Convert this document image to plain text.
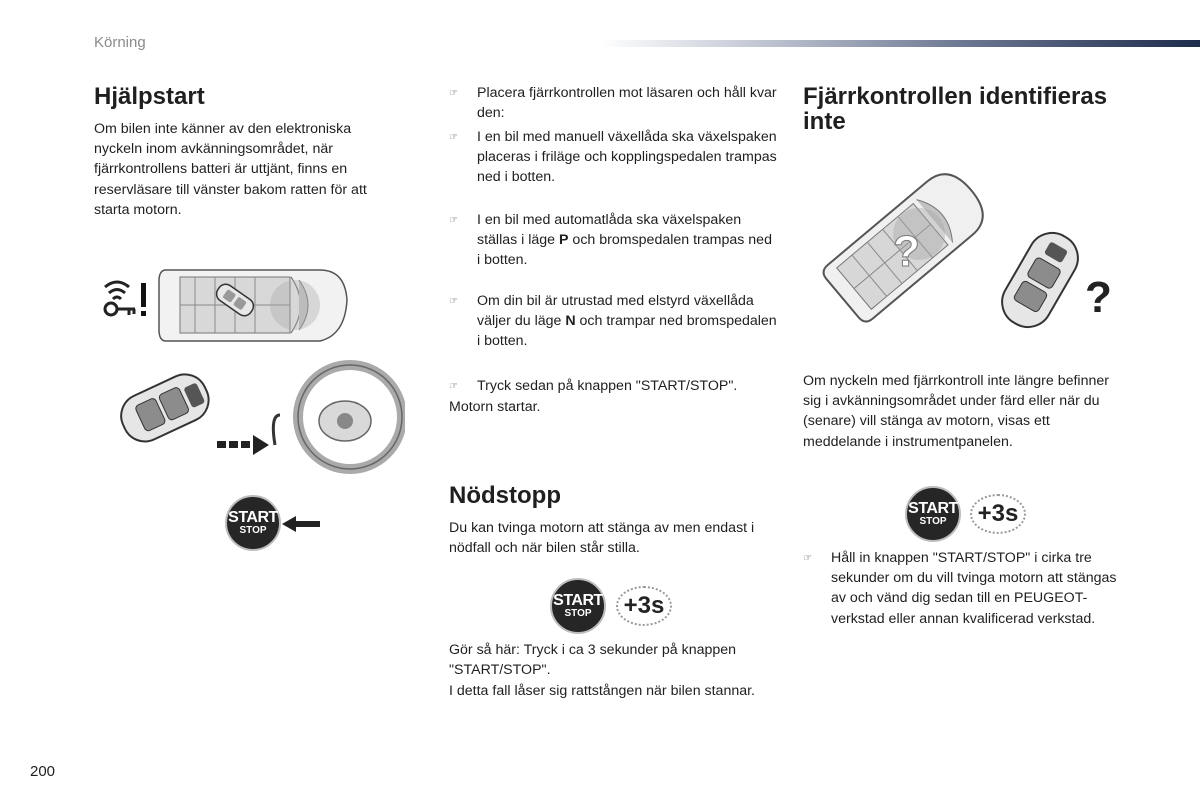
Körning
Hjälpstart
Om bilen inte känner av den elektroniska nyckeln inom avkänningsområdet, när fjärrkontrollens batteri är uttjänt, finns en reservläsare till vänster bakom ratten för att starta motorn.
START
STOP
☞ Placera fjärrkontrollen mot läsaren och håll kvar den:
☞ I en bil med manuell växellåda ska växelspaken placeras i friläge och kopplingspedalen trampas ned i botten.
☞ I en bil med automatlåda ska växelspaken ställas i läge P och bromspedalen trampas ned i botten.
☞ Om din bil är utrustad med elstyrd växellåda väljer du läge N och trampar ned bromspedalen i botten.
☞ Tryck sedan på knappen "START/STOP".
Motorn startar.
Nödstopp
Du kan tvinga motorn att stänga av men endast i nödfall och när bilen står stilla.
START
STOP	+3s
Gör så här: Tryck i ca 3 sekunder på knappen "START/STOP".
I detta fall låser sig rattstången när bilen stannar.
Fjärrkontrollen identifieras inte
?
?
Om nyckeln med fjärrkontroll inte längre befinner sig i avkänningsområdet under färd eller när du (senare) vill stänga av motorn, visas ett meddelande i instrumentpanelen.
START
STOP	+3s
☞ Håll in knappen "START/STOP" i cirka tre sekunder om du vill tvinga motorn att stängas av och vänd dig sedan till en PEUGEOT-verkstad eller annan kvalificerad verkstad.
200
